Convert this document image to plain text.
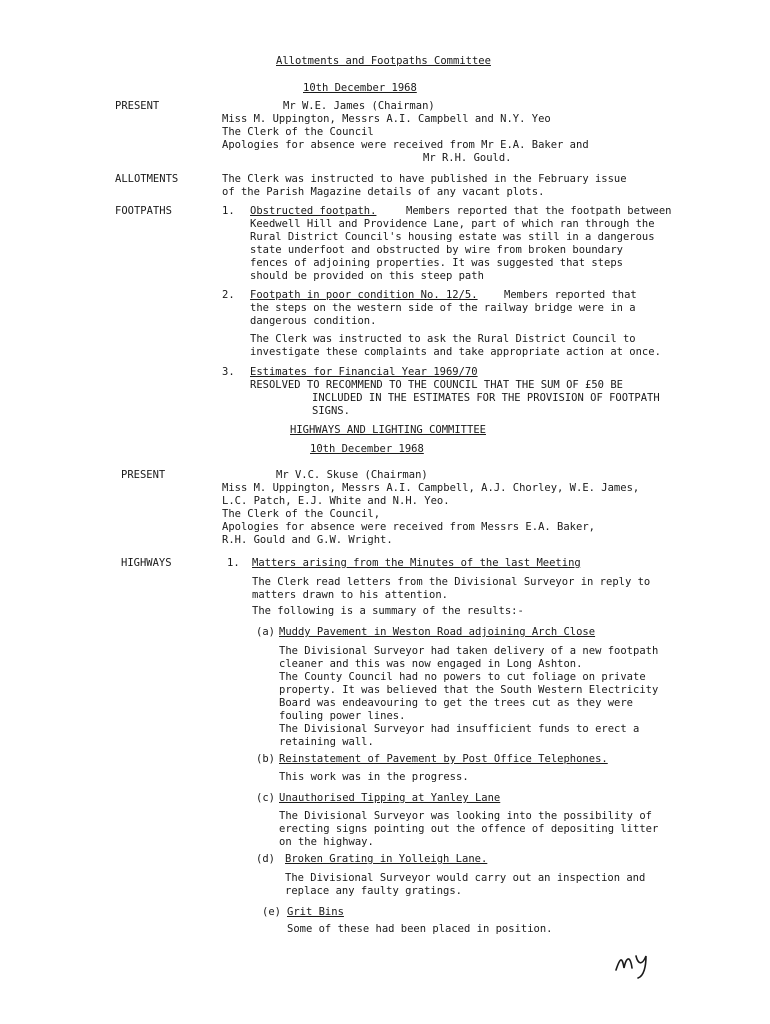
Allotments and Footpaths Committee
10th December 1968
PRESENT	Mr W.E. James (Chairman)
Miss M. Uppington, Messrs A.I. Campbell and N.Y. Yeo
The Clerk of the Council
Apologies for absence were received from Mr E.A. Baker and
Mr R.H. Gould.
ALLOTMENTS	The Clerk was instructed to have published in the February issue
of the Parish Magazine details of any vacant plots.
FOOTPATHS	1. Obstructed footpath.	Members reported that the footpath between
Keedwell Hill and Providence Lane, part of which ran through the
Rural District Council's housing estate was still in a dangerous
state underfoot and obstructed by wire from broken boundary
fences of adjoining properties. It was suggested that steps
should be provided on this steep path
2. Footpath in poor condition No. 12/5.	Members reported that
the steps on the western side of the railway bridge were in a
dangerous condition.
The Clerk was instructed to ask the Rural District Council to
investigate these complaints and take appropriate action at once.
3. Estimates for Financial Year 1969/70
RESOLVED TO RECOMMEND TO THE COUNCIL THAT THE SUM OF £50 BE
INCLUDED IN THE ESTIMATES FOR THE PROVISION OF FOOTPATH
SIGNS.
HIGHWAYS AND LIGHTING COMMITTEE
10th December 1968
PRESENT	Mr V.C. Skuse (Chairman)
Miss M. Uppington, Messrs A.I. Campbell, A.J. Chorley, W.E. James,
L.C. Patch, E.J. White and N.H. Yeo.
The Clerk of the Council,
Apologies for absence were received from Messrs E.A. Baker,
R.H. Gould and G.W. Wright.
HIGHWAYS	1. Matters arising from the Minutes of the last Meeting
The Clerk read letters from the Divisional Surveyor in reply to
matters drawn to his attention.
The following is a summary of the results:-
(a) Muddy Pavement in Weston Road adjoining Arch Close
The Divisional Surveyor had taken delivery of a new footpath
cleaner and this was now engaged in Long Ashton.
The County Council had no powers to cut foliage on private
property. It was believed that the South Western Electricity
Board was endeavouring to get the trees cut as they were
fouling power lines.
The Divisional Surveyor had insufficient funds to erect a
retaining wall.
(b) Reinstatement of Pavement by Post Office Telephones.
This work was in the progress.
(c) Unauthorised Tipping at Yanley Lane
The Divisional Surveyor was looking into the possibility of
erecting signs pointing out the offence of depositing litter
on the highway.
(d) Broken Grating in Yolleigh Lane.
The Divisional Surveyor would carry out an inspection and
replace any faulty gratings.
(e) Grit Bins
Some of these had been placed in position.
